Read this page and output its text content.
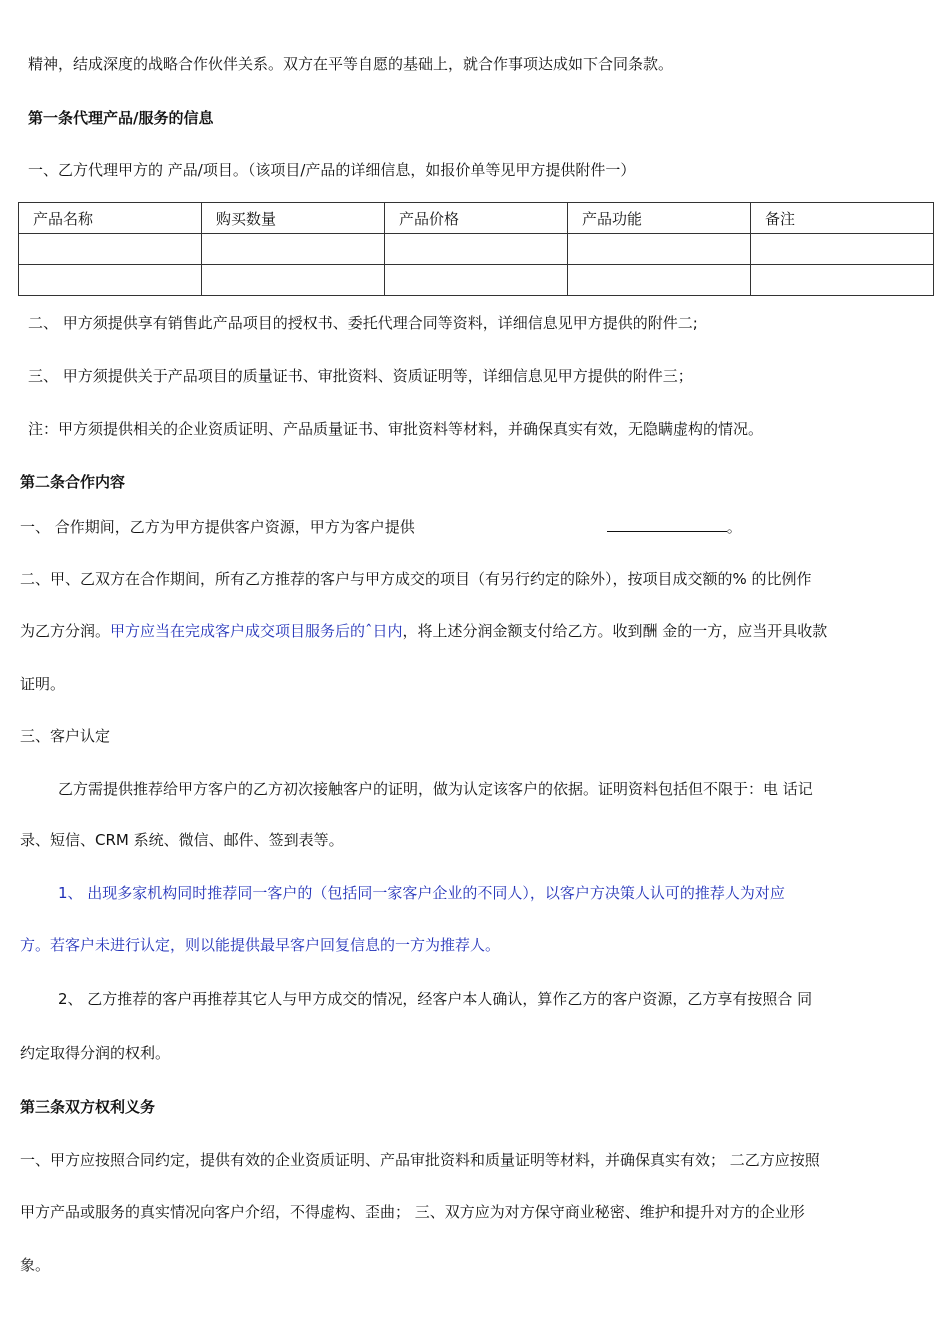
精神，结成深度的战略合作伙伴关系。双方在平等自愿的基础上，就合作事项达成如下合同条款。
第一条代理产品/服务的信息
一、乙方代理甲方的 产品/项目。（该项目/产品的详细信息，如报价单等见甲方提供附件一）
产品名称	购买数量	产品价格	产品功能	备注

二、 甲方须提供享有销售此产品项目的授权书、委托代理合同等资料，详细信息见甲方提供的附件二;
三、 甲方须提供关于产品项目的质量证书、审批资料、资质证明等，详细信息见甲方提供的附件三；
注：甲方须提供相关的企业资质证明、产品质量证书、审批资料等材料，并确保真实有效，无隐瞒虚构的情况。
第二条合作内容
一、 合作期间，乙方为甲方提供客户资源，甲方为客户提供	。
二、甲、乙双方在合作期间，所有乙方推荐的客户与甲方成交的项目（有另行约定的除外），按项目成交额的% 的比例作
为乙方分润。甲方应当在完成客户成交项目服务后的ˆ日内，将上述分润金额支付给乙方。收到酬 金的一方，应当开具收款
证明。
三、客户认定
乙方需提供推荐给甲方客户的乙方初次接触客户的证明，做为认定该客户的依据。证明资料包括但不限于：电 话记
录、短信、CRM 系统、微信、邮件、签到表等。
1、 出现多家机构同时推荐同一客户的（包括同一家客户企业的不同人），以客户方决策人认可的推荐人为对应
方。若客户未进行认定，则以能提供最早客户回复信息的一方为推荐人。
2、 乙方推荐的客户再推荐其它人与甲方成交的情况，经客户本人确认，算作乙方的客户资源，乙方享有按照合 同
约定取得分润的权利。
第三条双方权利义务
一、甲方应按照合同约定，提供有效的企业资质证明、产品审批资料和质量证明等材料，并确保真实有效； 二乙方应按照
甲方产品或服务的真实情况向客户介绍，不得虚构、歪曲； 三、双方应为对方保守商业秘密、维护和提升对方的企业形
象。
